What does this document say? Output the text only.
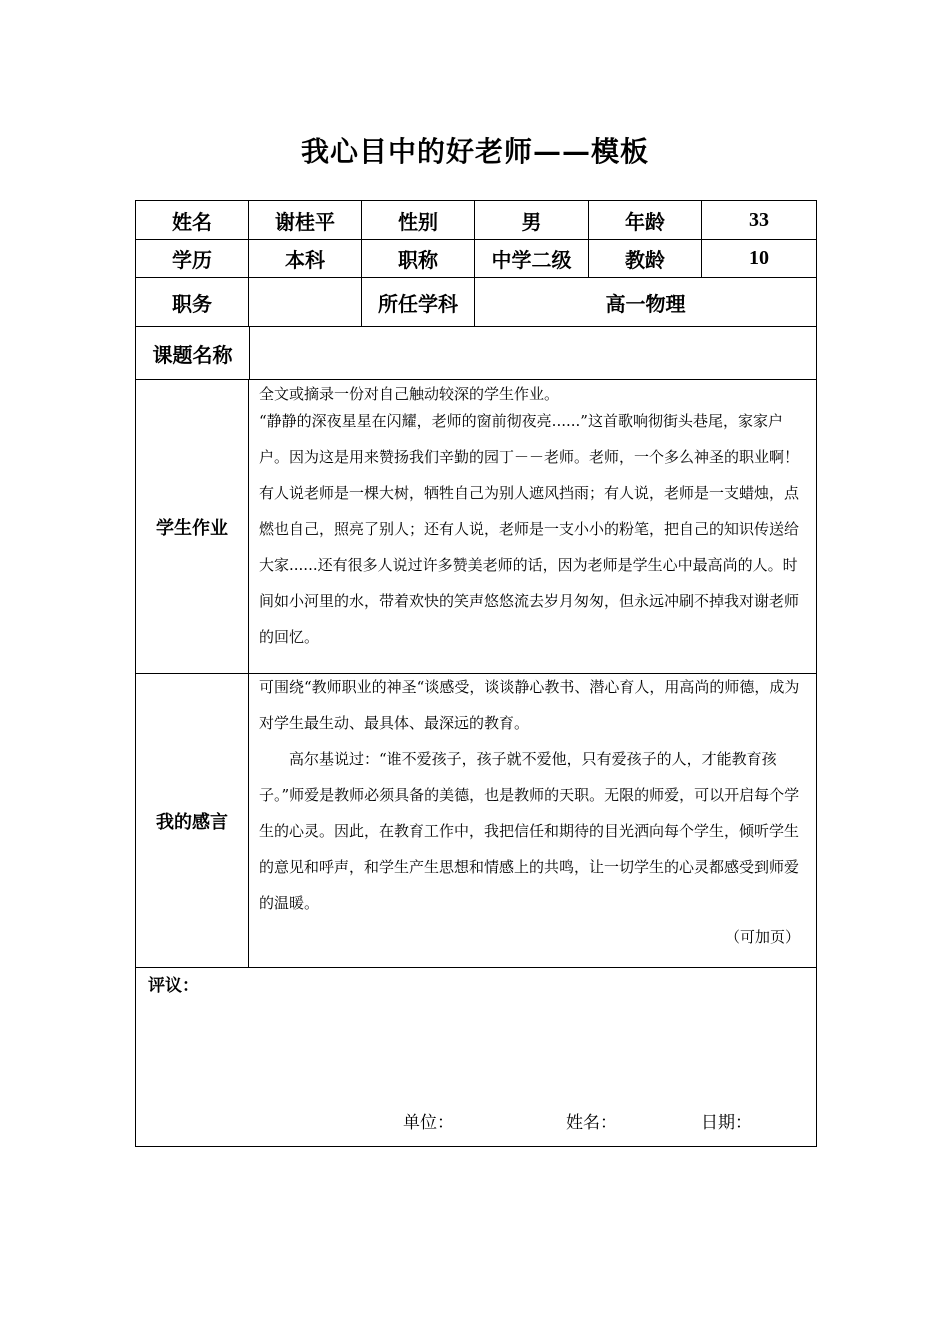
我心目中的好老师——模板
姓名	谢桂平	性别	男	年龄	33
学历	本科	职称	中学二级	教龄	10
职务		所任学科	高一物理		

课题名称					

学生作业	全文或摘录一份对自己触动较深的学生作业。

“静静的深夜星星在闪耀，老师的窗前彻夜亮......”这首歌响彻街头巷尾，家家户户。因为这是用来赞扬我们辛勤的园丁－－老师。老师，一个多么神圣的职业啊！有人说老师是一棵大树，牺牲自己为别人遮风挡雨；有人说，老师是一支蜡烛，点燃也自己，照亮了别人；还有人说，老师是一支小小的粉笔，把自己的知识传送给大家......还有很多人说过许多赞美老师的话，因为老师是学生心中最高尚的人。时间如小河里的水，带着欢快的笑声悠悠流去岁月匆匆，但永远冲刷不掉我对谢老师的回忆。				

我的感言	可围绕“教师职业的神圣“谈感受，谈谈静心教书、潜心育人，用高尚的师德，成为对学生最生动、最具体、最深远的教育。

高尔基说过：“谁不爱孩子，孩子就不爱他，只有爱孩子的人，才能教育孩子。”师爱是教师必须具备的美德，也是教师的天职。无限的师爱，可以开启每个学生的心灵。因此，在教育工作中，我把信任和期待的目光洒向每个学生，倾听学生的意见和呼声，和学生产生思想和情感上的共鸣，让一切学生的心灵都感受到师爱的温暖。

（可加页）				

评议：
单位： 姓名： 日期：					
